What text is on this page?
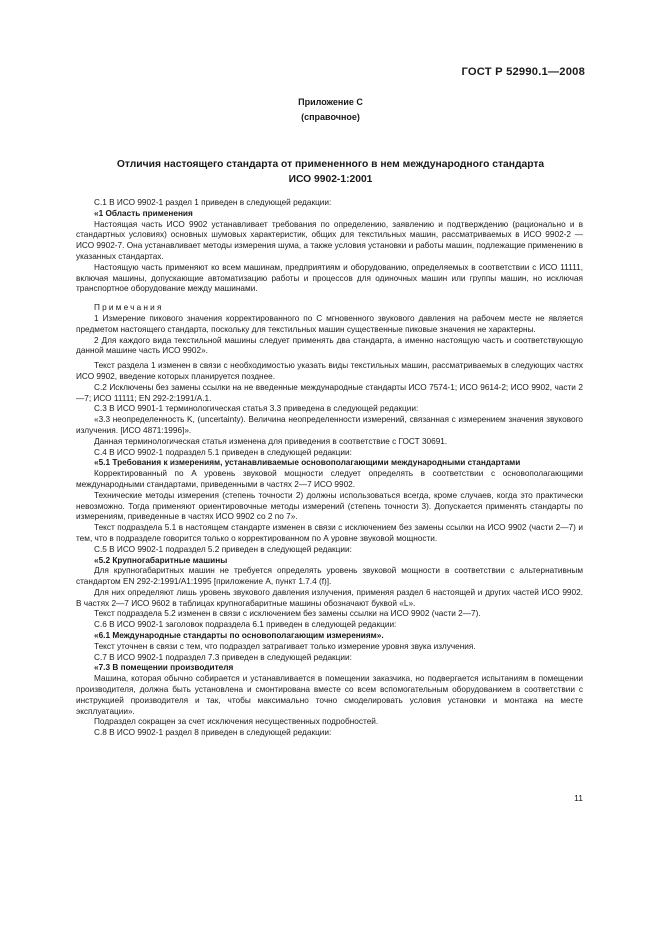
ГОСТ Р 52990.1—2008
Приложение С
(справочное)
Отличия настоящего стандарта от примененного в нем международного стандарта
ИСО 9902-1:2001

С.1 В ИСО 9902-1 раздел 1 приведен в следующей редакции:

«1 Область применения

Настоящая часть ИСО 9902 устанавливает требования по определению, заявлению и подтверждению (рационально и в стандартных условиях) основных шумовых характеристик, общих для текстильных машин, рассматриваемых в ИСО 9902-2 — ИСО 9902-7. Она устанавливает методы измерения шума, а также условия установки и работы машин, подлежащие применению в указанных стандартах.

Настоящую часть применяют ко всем машинам, предприятиям и оборудованию, определяемых в соответствии с ИСО 11111, включая машины, допускающие автоматизацию работы и процессов для одиночных машин или группы машин, но исключая транспортное оборудование между машинами.

Примечания

1 Измерение пикового значения корректированного по С мгновенного звукового давления на рабочем месте не является предметом настоящего стандарта, поскольку для текстильных машин существенные пиковые значения не характерны.

2 Для каждого вида текстильной машины следует применять два стандарта, а именно настоящую часть и соответствующую данной машине часть ИСО 9902».

Текст раздела 1 изменен в связи с необходимостью указать виды текстильных машин, рассматриваемых в следующих частях ИСО 9902, введение которых планируется позднее.

С.2 Исключены без замены ссылки на не введенные международные стандарты ИСО 7574-1; ИСО 9614-2; ИСО 9902, части 2—7; ИСО 11111; EN 292-2:1991/А.1.

С.3 В ИСО 9901-1 терминологическая статья 3.3 приведена в следующей редакции:

«3.3 неопределенность K, (uncertainty). Величина неопределенности измерений, связанная с измерением значения звукового излучения. [ИСО 4871:1996]».

Данная терминологическая статья изменена для приведения в соответствие с ГОСТ 30691.

С.4 В ИСО 9902-1 подраздел 5.1 приведен в следующей редакции:

«5.1 Требования к измерениям, устанавливаемые основополагающими международными стандартами

Корректированный по А уровень звуковой мощности следует определять в соответствии с основополагающими международными стандартами, приведенными в частях 2—7 ИСО 9902.

Технические методы измерения (степень точности 2) должны использоваться всегда, кроме случаев, когда это практически невозможно. Тогда применяют ориентировочные методы измерений (степень точности 3). Допускается применять стандарты по измерениям, приведенные в частях ИСО 9902 со 2 по 7».

Текст подраздела 5.1 в настоящем стандарте изменен в связи с исключением без замены ссылки на ИСО 9902 (части 2—7) и тем, что в подразделе говорится только о корректированном по А уровне звуковой мощности.

С.5 В ИСО 9902-1 подраздел 5.2 приведен в следующей редакции:

«5.2 Крупногабаритные машины

Для крупногабаритных машин не требуется определять уровень звуковой мощности в соответствии с альтернативным стандартом EN 292-2:1991/А1:1995 [приложение А, пункт 1.7.4 (f)].

Для них определяют лишь уровень звукового давления излучения, применяя раздел 6 настоящей и других частей ИСО 9902. В частях 2—7 ИСО 9602 в таблицах крупногабаритные машины обозначают буквой «L».

Текст подраздела 5.2 изменен в связи с исключением без замены ссылки на ИСО 9902 (части 2—7).

С.6 В ИСО 9902-1 заголовок подраздела 6.1 приведен в следующей редакции:

«6.1 Международные стандарты по основополагающим измерениям».

Текст уточнен в связи с тем, что подраздел затрагивает только измерение уровня звука излучения.

С.7 В ИСО 9902-1 подраздел 7.3 приведен в следующей редакции:

«7.3 В помещении производителя

Машина, которая обычно собирается и устанавливается в помещении заказчика, но подвергается испытаниям в помещении производителя, должна быть установлена и смонтирована вместе со всем вспомогательным оборудованием в соответствии с инструкцией производителя и так, чтобы максимально точно смоделировать условия установки и монтажа на месте эксплуатации».

Подраздел сокращен за счет исключения несущественных подробностей.

С.8 В ИСО 9902-1 раздел 8 приведен в следующей редакции:

11
